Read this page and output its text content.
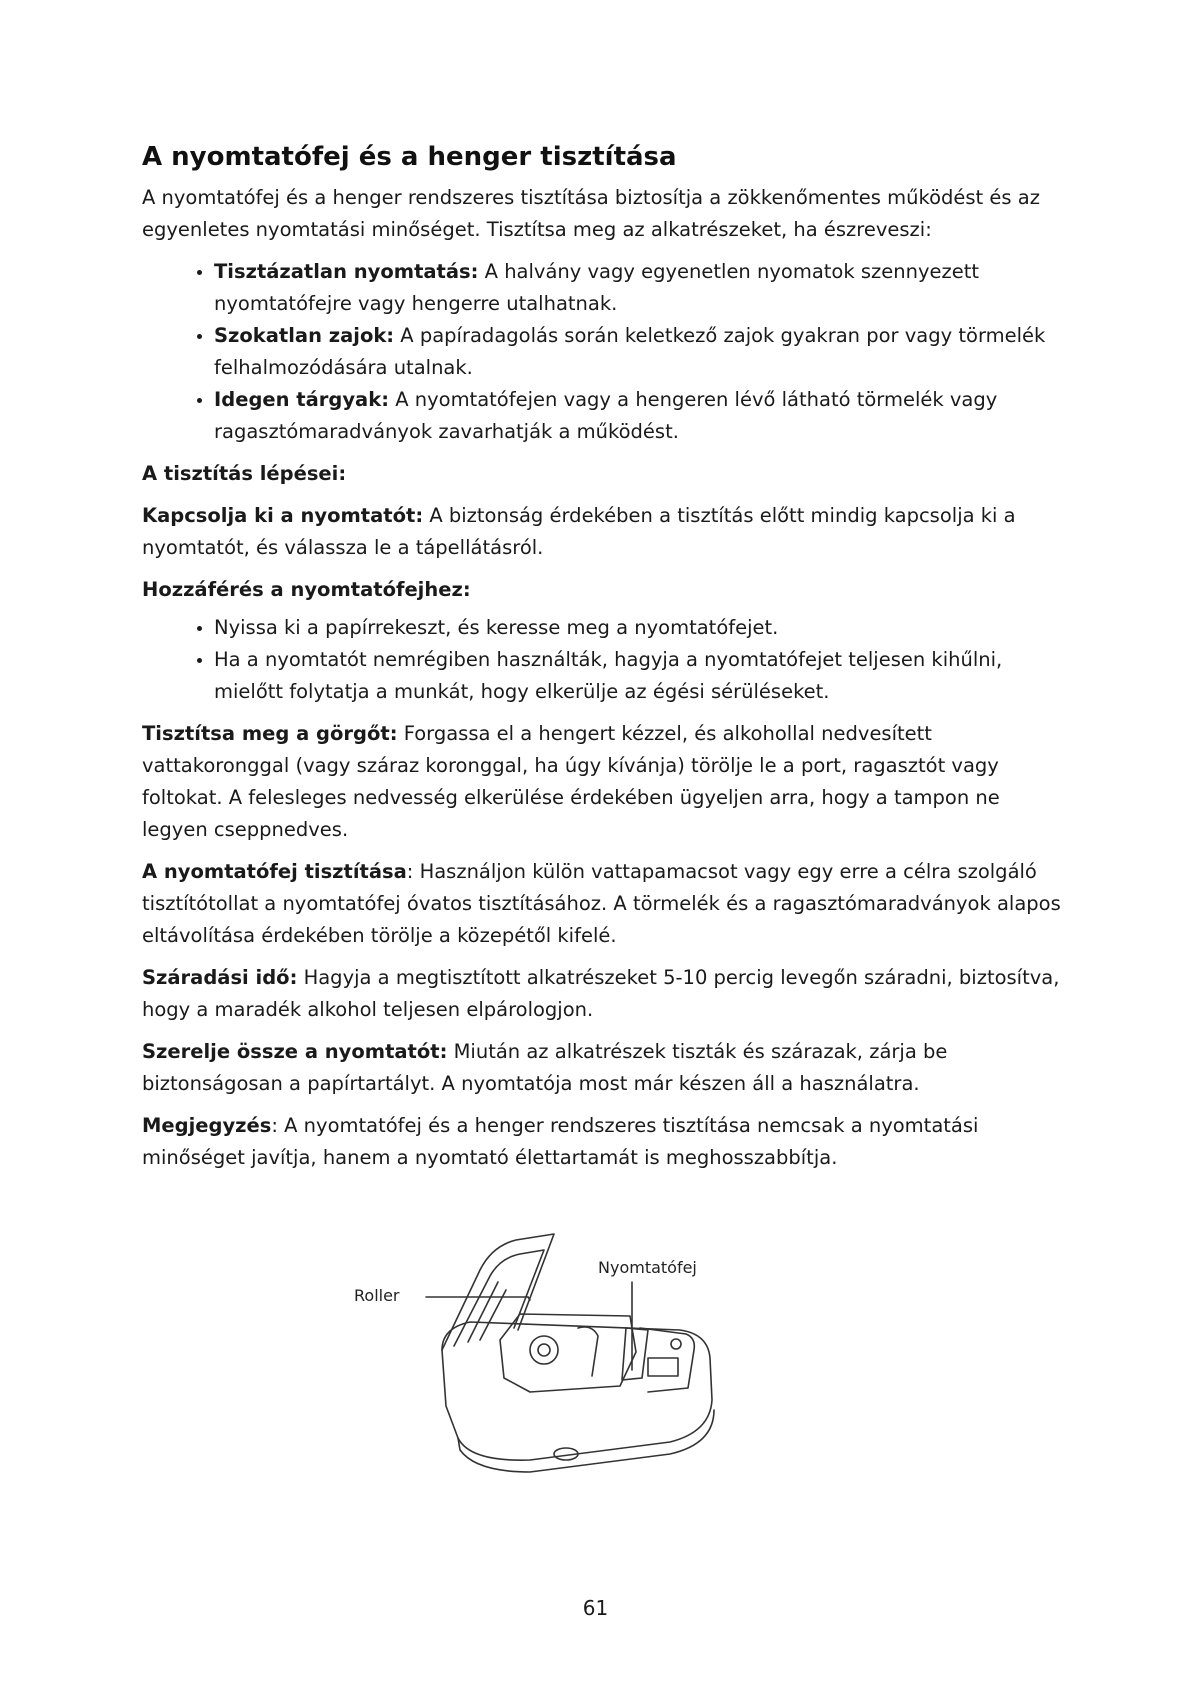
A nyomtatófej és a henger tisztítása

A nyomtatófej és a henger rendszeres tisztítása biztosítja a zökkenőmentes működést és az egyenletes nyomtatási minőséget. Tisztítsa meg az alkatrészeket, ha észreveszi:

• Tisztázatlan nyomtatás: A halvány vagy egyenetlen nyomatok szennyezett nyomtatófejre vagy hengerre utalhatnak.
• Szokatlan zajok: A papíradagolás során keletkező zajok gyakran por vagy törmelék felhalmozódására utalnak.
• Idegen tárgyak: A nyomtatófejen vagy a hengeren lévő látható törmelék vagy ragasztómaradványok zavarhatják a működést.

A tisztítás lépései:

Kapcsolja ki a nyomtatót: A biztonság érdekében a tisztítás előtt mindig kapcsolja ki a nyomtatót, és válassza le a tápellátásról.

Hozzáférés a nyomtatófejhez:

• Nyissa ki a papírrekeszt, és keresse meg a nyomtatófejet.
• Ha a nyomtatót nemrégiben használták, hagyja a nyomtatófejet teljesen kihűlni, mielőtt folytatja a munkát, hogy elkerülje az égési sérüléseket.

Tisztítsa meg a görgőt: Forgassa el a hengert kézzel, és alkohollal nedvesített vattakoronggal (vagy száraz koronggal, ha úgy kívánja) törölje le a port, ragasztót vagy foltokat. A felesleges nedvesség elkerülése érdekében ügyeljen arra, hogy a tampon ne legyen cseppnedves.

A nyomtatófej tisztítása: Használjon külön vattapamacsot vagy egy erre a célra szolgáló tisztítótollat a nyomtatófej óvatos tisztításához. A törmelék és a ragasztómaradványok alapos eltávolítása érdekében törölje a közepétől kifelé.

Száradási idő: Hagyja a megtisztított alkatrészeket 5-10 percig levegőn száradni, biztosítva, hogy a maradék alkohol teljesen elpárologjon.

Szerelje össze a nyomtatót: Miután az alkatrészek tiszták és szárazak, zárja be biztonságosan a papírtartályt. A nyomtatója most már készen áll a használatra.

Megjegyzés: A nyomtatófej és a henger rendszeres tisztítása nemcsak a nyomtatási minőséget javítja, hanem a nyomtató élettartamát is meghosszabbítja.

Roller
Nyomtatófej
61
